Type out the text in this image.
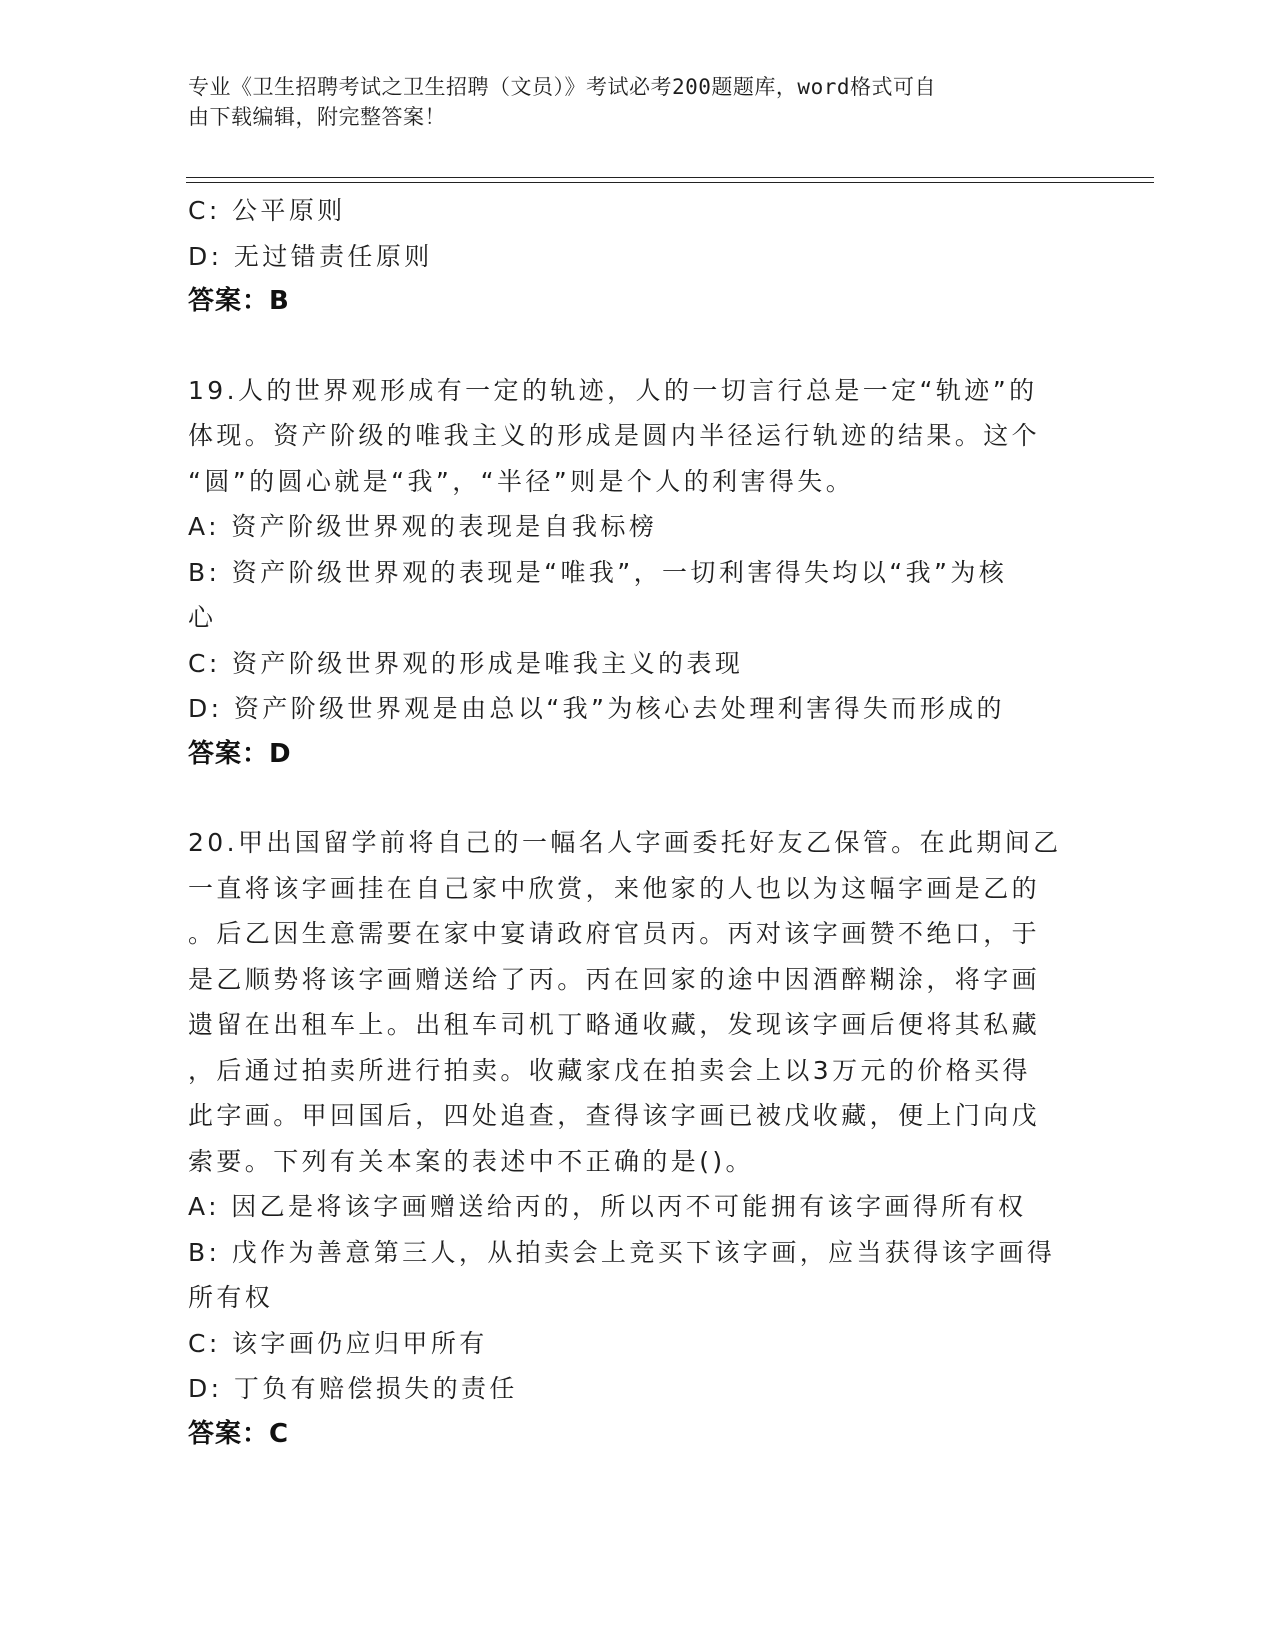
专业《卫生招聘考试之卫生招聘（文员）》考试必考200题题库，word格式可自
由下载编辑，附完整答案！
C: 公平原则
D: 无过错责任原则
答案：B
19.人的世界观形成有一定的轨迹，人的一切言行总是一定“轨迹”的
体现。资产阶级的唯我主义的形成是圆内半径运行轨迹的结果。这个
“圆”的圆心就是“我”，“半径”则是个人的利害得失。
A: 资产阶级世界观的表现是自我标榜
B: 资产阶级世界观的表现是“唯我”，一切利害得失均以“我”为核
心
C: 资产阶级世界观的形成是唯我主义的表现
D: 资产阶级世界观是由总以“我”为核心去处理利害得失而形成的
答案：D
20.甲出国留学前将自己的一幅名人字画委托好友乙保管。在此期间乙
一直将该字画挂在自己家中欣赏，来他家的人也以为这幅字画是乙的
。后乙因生意需要在家中宴请政府官员丙。丙对该字画赞不绝口，于
是乙顺势将该字画赠送给了丙。丙在回家的途中因酒醉糊涂，将字画
遗留在出租车上。出租车司机丁略通收藏，发现该字画后便将其私藏
，后通过拍卖所进行拍卖。收藏家戊在拍卖会上以3万元的价格买得
此字画。甲回国后，四处追查，查得该字画已被戊收藏，便上门向戊
索要。下列有关本案的表述中不正确的是()。
A: 因乙是将该字画赠送给丙的，所以丙不可能拥有该字画得所有权
B: 戊作为善意第三人，从拍卖会上竞买下该字画，应当获得该字画得
所有权
C: 该字画仍应归甲所有
D: 丁负有赔偿损失的责任
答案：C
